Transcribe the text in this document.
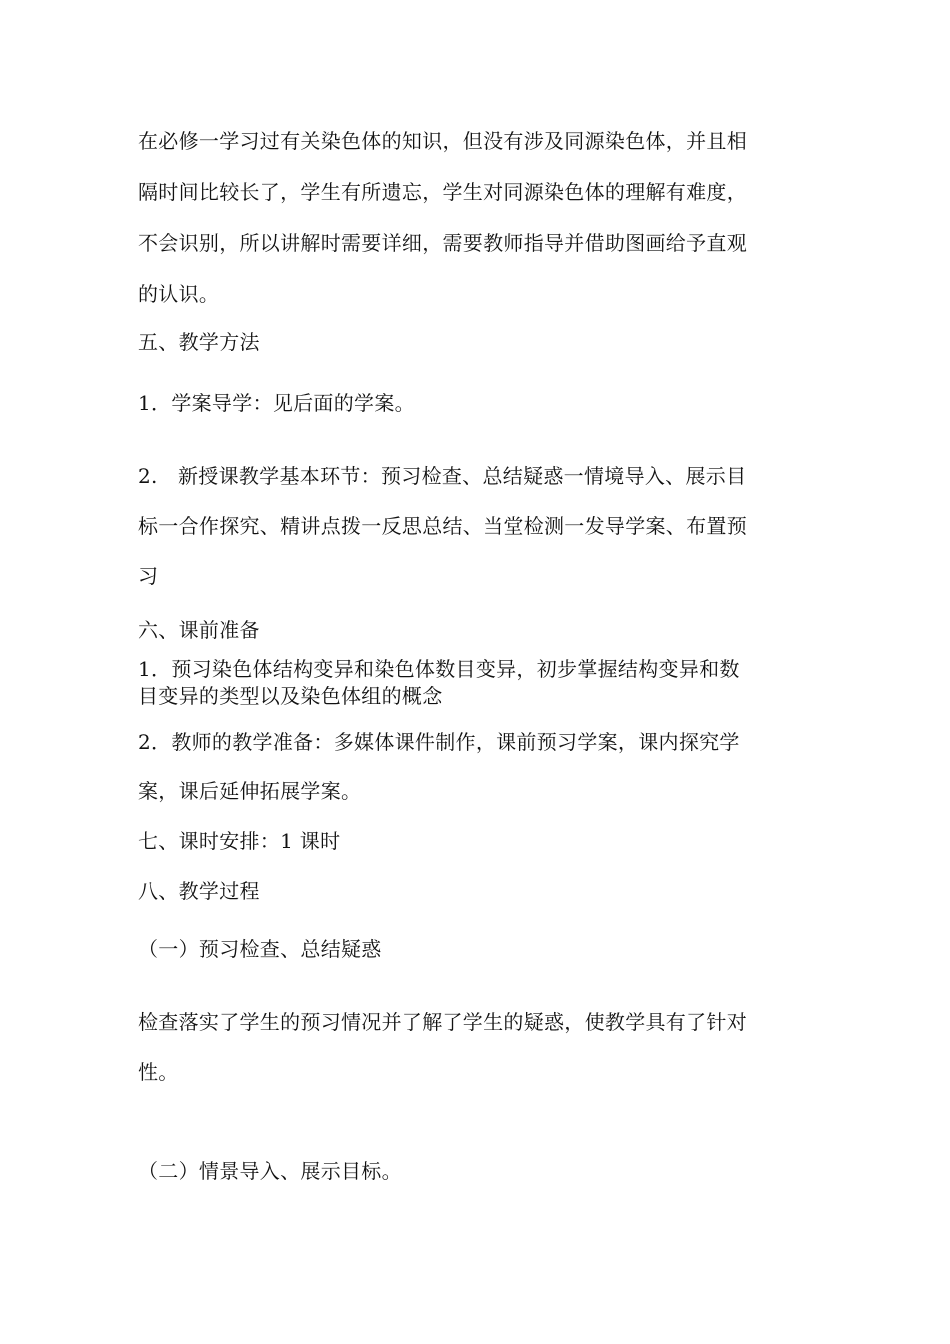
在必修一学习过有关染色体的知识，但没有涉及同源染色体，并且相
隔时间比较长了，学生有所遗忘，学生对同源染色体的理解有难度，
不会识别，所以讲解时需要详细，需要教师指导并借助图画给予直观
的认识。
五、教学方法
1．学案导学：见后面的学案。
2.　新授课教学基本环节：预习检查、总结疑惑一情境导入、展示目
标一合作探究、精讲点拨一反思总结、当堂检测一发导学案、布置预
习
六、课前准备
1．预习染色体结构变异和染色体数目变异，初步掌握结构变异和数
目变异的类型以及染色体组的概念
2．教师的教学准备：多媒体课件制作，课前预习学案，课内探究学
案，课后延伸拓展学案。
七、课时安排：1 课时
八、教学过程
（一）预习检查、总结疑惑
检查落实了学生的预习情况并了解了学生的疑惑，使教学具有了针对
性。
（二）情景导入、展示目标。
